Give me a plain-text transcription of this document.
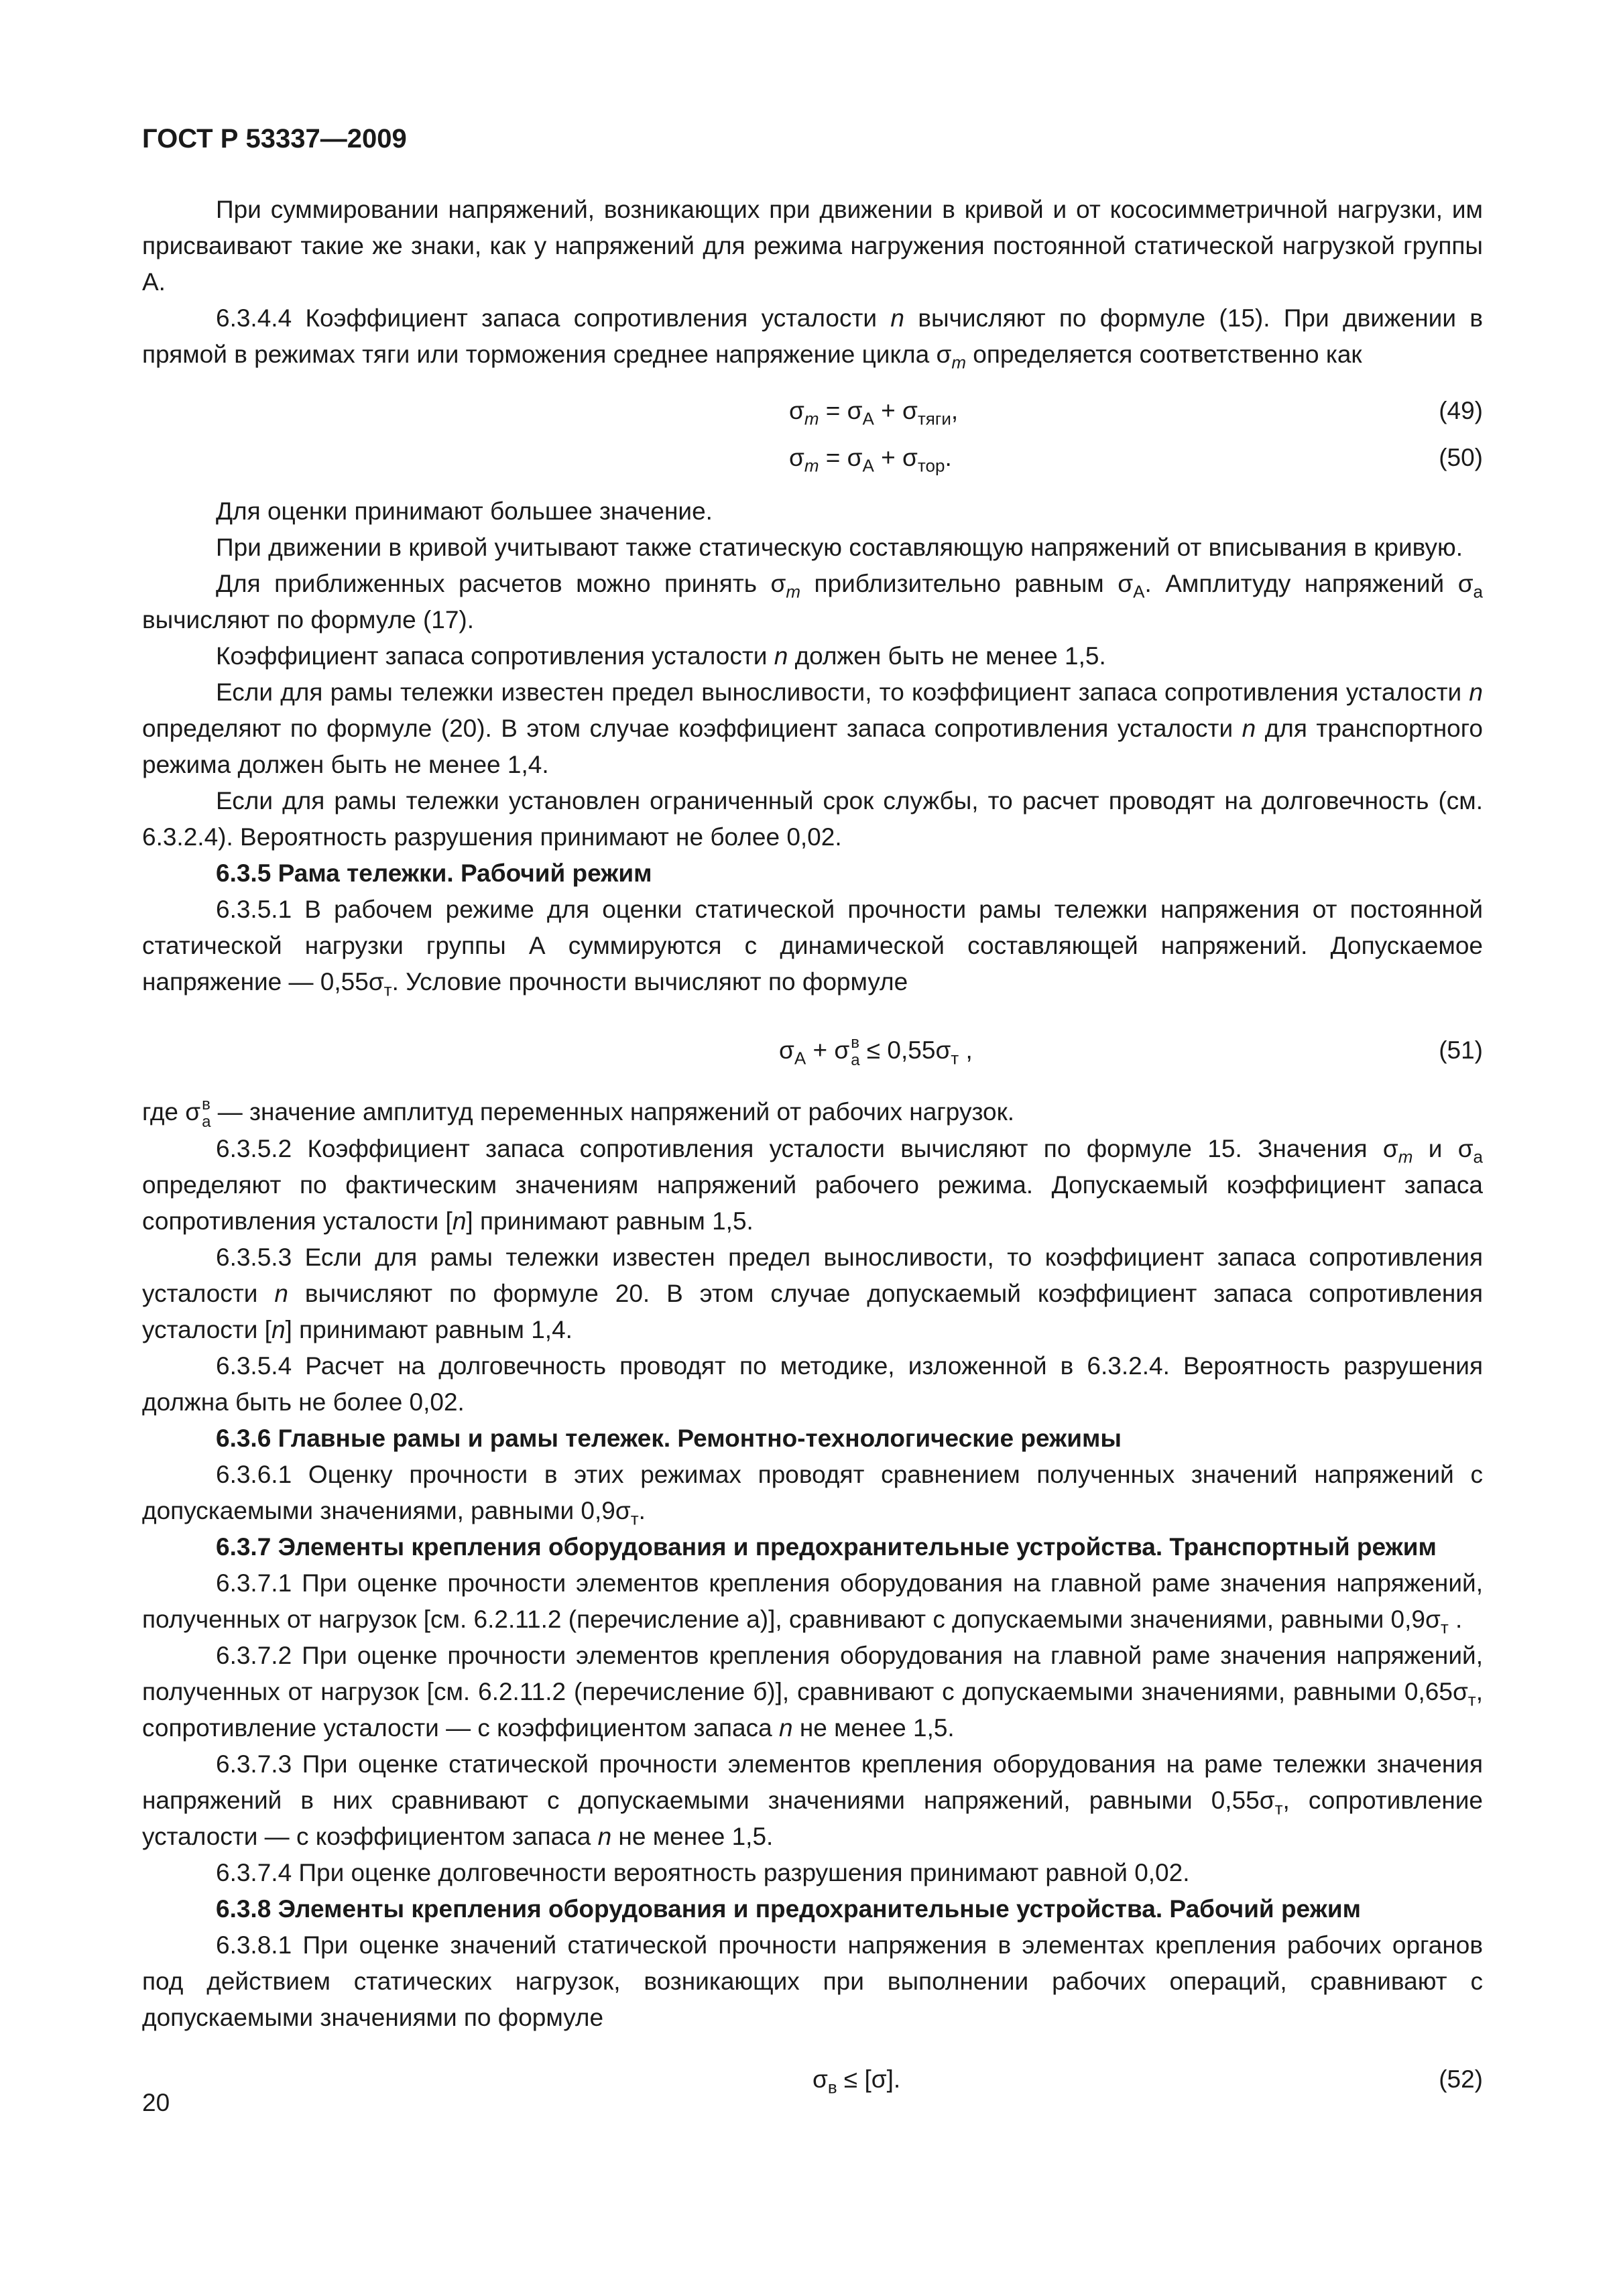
ГОСТ Р 53337—2009

При суммировании напряжений, возникающих при движении в кривой и от кососимметричной нагрузки, им присваивают такие же знаки, как у напряжений для режима нагружения постоянной статической нагрузкой группы А.

6.3.4.4 Коэффициент запаса сопротивления усталости n вычисляют по формуле (15). При движении в прямой в режимах тяги или торможения среднее напряжение цикла $\sigma_m$ определяется соответственно как

$\sigma_m = \sigma_А + \sigma_{тяги}$,	(49)
$\sigma_m = \sigma_А + \sigma_{тор}$.	(50)

Для оценки принимают большее значение.

При движении в кривой учитывают также статическую составляющую напряжений от вписывания в кривую.

Для приближенных расчетов можно принять $\sigma_m$ приблизительно равным $\sigma_А$. Амплитуду напряжений $\sigma_а$ вычисляют по формуле (17).

Коэффициент запаса сопротивления усталости n должен быть не менее 1,5.

Если для рамы тележки известен предел выносливости, то коэффициент запаса сопротивления усталости n определяют по формуле (20). В этом случае коэффициент запаса сопротивления усталости n для транспортного режима должен быть не менее 1,4.

Если для рамы тележки установлен ограниченный срок службы, то расчет проводят на долговечность (см. 6.3.2.4). Вероятность разрушения принимают не более 0,02.

6.3.5 Рама тележки. Рабочий режим

6.3.5.1 В рабочем режиме для оценки статической прочности рамы тележки напряжения от постоянной статической нагрузки группы А суммируются с динамической составляющей напряжений. Допускаемое напряжение — $0,55\sigma_т$. Условие прочности вычисляют по формуле

$\sigma_А + \sigma$ в
$а \le 0,55\sigma_т$ ,	(51)

где σ в
а — значение амплитуд переменных напряжений от рабочих нагрузок.

6.3.5.2 Коэффициент запаса сопротивления усталости вычисляют по формуле 15. Значения $\sigma_m$ и $\sigma_а$ определяют по фактическим значениям напряжений рабочего режима. Допускаемый коэффициент запаса сопротивления усталости [n] принимают равным 1,5.

6.3.5.3 Если для рамы тележки известен предел выносливости, то коэффициент запаса сопротивления усталости n вычисляют по формуле 20. В этом случае допускаемый коэффициент запаса сопротивления усталости [n] принимают равным 1,4.

6.3.5.4 Расчет на долговечность проводят по методике, изложенной в 6.3.2.4. Вероятность разрушения должна быть не более 0,02.

6.3.6 Главные рамы и рамы тележек. Ремонтно-технологические режимы

6.3.6.1 Оценку прочности в этих режимах проводят сравнением полученных значений напряжений с допускаемыми значениями, равными $0,9\sigma_т$.

6.3.7 Элементы крепления оборудования и предохранительные устройства. Транспортный режим

6.3.7.1 При оценке прочности элементов крепления оборудования на главной раме значения напряжений, полученных от нагрузок [см. 6.2.11.2 (перечисление а)], сравнивают с допускаемыми значениями, равными $0,9\sigma_т$ .

6.3.7.2 При оценке прочности элементов крепления оборудования на главной раме значения напряжений, полученных от нагрузок [см. 6.2.11.2 (перечисление б)], сравнивают с допускаемыми значениями, равными $0,65\sigma_т$, сопротивление усталости — с коэффициентом запаса n не менее 1,5.

6.3.7.3 При оценке статической прочности элементов крепления оборудования на раме тележки значения напряжений в них сравнивают с допускаемыми значениями напряжений, равными $0,55\sigma_т$, сопротивление усталости — с коэффициентом запаса n не менее 1,5.

6.3.7.4 При оценке долговечности вероятность разрушения принимают равной 0,02.

6.3.8 Элементы крепления оборудования и предохранительные устройства. Рабочий режим

6.3.8.1 При оценке значений статической прочности напряжения в элементах крепления рабочих органов под действием статических нагрузок, возникающих при выполнении рабочих операций, сравнивают с допускаемыми значениями по формуле

$\sigma_в \le [\sigma]$.	(52)
20
